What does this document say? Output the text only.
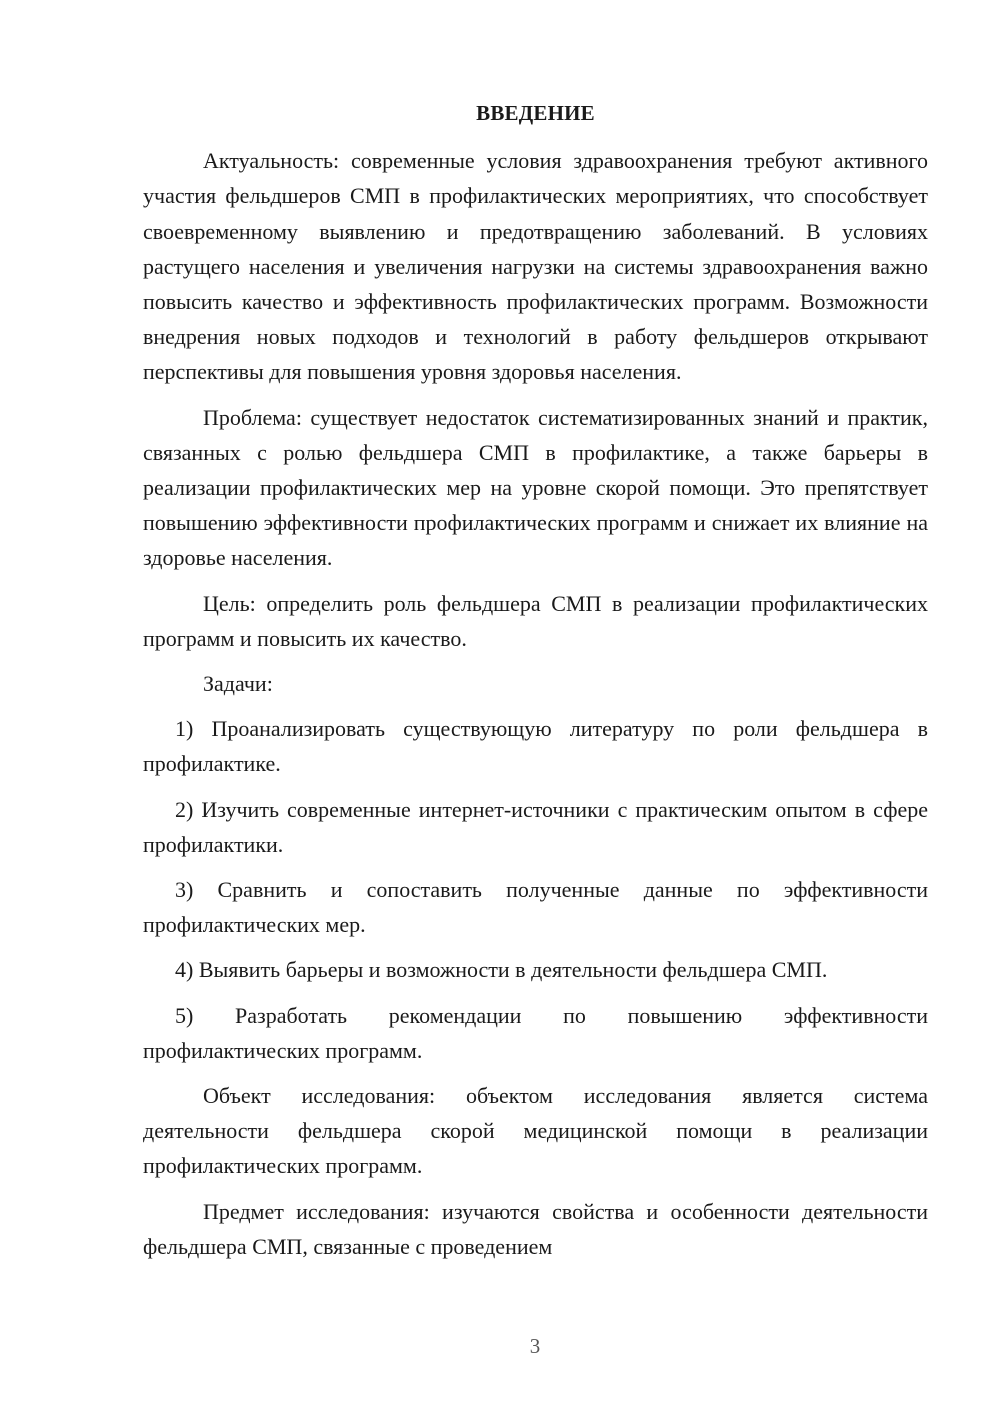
ВВЕДЕНИЕ

Актуальность: современные условия здравоохранения требуют активного участия фельдшеров СМП в профилактических мероприятиях, что способствует своевременному выявлению и предотвращению заболеваний. В условиях растущего населения и увеличения нагрузки на системы здравоохранения важно повысить качество и эффективность профилактических программ. Возможности внедрения новых подходов и технологий в работу фельдшеров открывают перспективы для повышения уровня здоровья населения.

Проблема: существует недостаток систематизированных знаний и практик, связанных с ролью фельдшера СМП в профилактике, а также барьеры в реализации профилактических мер на уровне скорой помощи. Это препятствует повышению эффективности профилактических программ и снижает их влияние на здоровье населения.

Цель: определить роль фельдшера СМП в реализации профилактических программ и повысить их качество.

Задачи:

1) Проанализировать существующую литературу по роли фельдшера в профилактике.

2) Изучить современные интернет-источники с практическим опытом в сфере профилактики.

3) Сравнить и сопоставить полученные данные по эффективности профилактических мер.

4) Выявить барьеры и возможности в деятельности фельдшера СМП.

5) Разработать рекомендации по повышению эффективности профилактических программ.

Объект исследования: объектом исследования является система деятельности фельдшера скорой медицинской помощи в реализации профилактических программ.

Предмет исследования: изучаются свойства и особенности деятельности фельдшера СМП, связанные с проведением

3
